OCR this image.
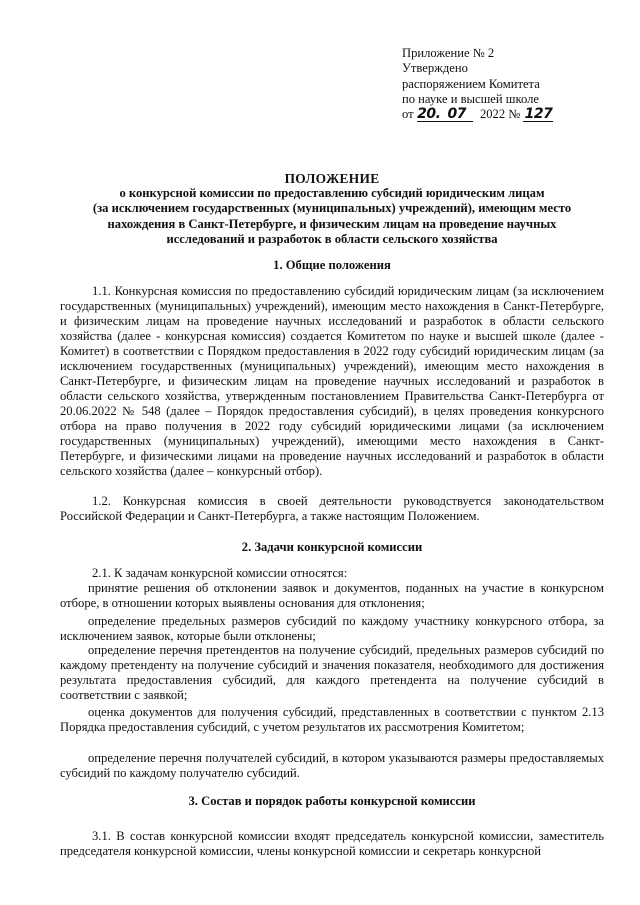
Приложение № 2
Утверждено
распоряжением Комитета
по науке и высшей школе
от 20. 07 2022 № 127
ПОЛОЖЕНИЕ
о конкурсной комиссии по предоставлению субсидий юридическим лицам
(за исключением государственных (муниципальных) учреждений), имеющим место
нахождения в Санкт-Петербурге, и физическим лицам на проведение научных
исследований и разработок в области сельского хозяйства
1. Общие положения
1.1. Конкурсная комиссия по предоставлению субсидий юридическим лицам (за исключением государственных (муниципальных) учреждений), имеющим место нахождения в Санкт-Петербурге, и физическим лицам на проведение научных исследований и разработок в области сельского хозяйства (далее - конкурсная комиссия) создается Комитетом по науке и высшей школе (далее - Комитет) в соответствии с Порядком предоставления в 2022 году субсидий юридическим лицам (за исключением государственных (муниципальных) учреждений), имеющим место нахождения в Санкт-Петербурге, и физическим лицам на проведение научных исследований и разработок в области сельского хозяйства, утвержденным постановлением Правительства Санкт-Петербурга от 20.06.2022 № 548 (далее – Порядок предоставления субсидий), в целях проведения конкурсного отбора на право получения в 2022 году субсидий юридическими лицами (за исключением государственных (муниципальных) учреждений), имеющими место нахождения в Санкт-Петербурге, и физическими лицами на проведение научных исследований и разработок в области сельского хозяйства (далее – конкурсный отбор).
1.2. Конкурсная комиссия в своей деятельности руководствуется законодательством Российской Федерации и Санкт-Петербурга, а также настоящим Положением.
2. Задачи конкурсной комиссии
2.1. К задачам конкурсной комиссии относятся:
принятие решения об отклонении заявок и документов, поданных на участие в конкурсном отборе, в отношении которых выявлены основания для отклонения;
определение предельных размеров субсидий по каждому участнику конкурсного отбора, за исключением заявок, которые были отклонены;
определение перечня претендентов на получение субсидий, предельных размеров субсидий по каждому претенденту на получение субсидий и значения показателя, необходимого для достижения результата предоставления субсидий, для каждого претендента на получение субсидий в соответствии с заявкой;
оценка документов для получения субсидий, представленных в соответствии с пунктом 2.13 Порядка предоставления субсидий, с учетом результатов их рассмотрения Комитетом;
определение перечня получателей субсидий, в котором указываются размеры предоставляемых субсидий по каждому получателю субсидий.
3. Состав и порядок работы конкурсной комиссии
3.1. В состав конкурсной комиссии входят председатель конкурсной комиссии, заместитель председателя конкурсной комиссии, члены конкурсной комиссии и секретарь конкурсной
